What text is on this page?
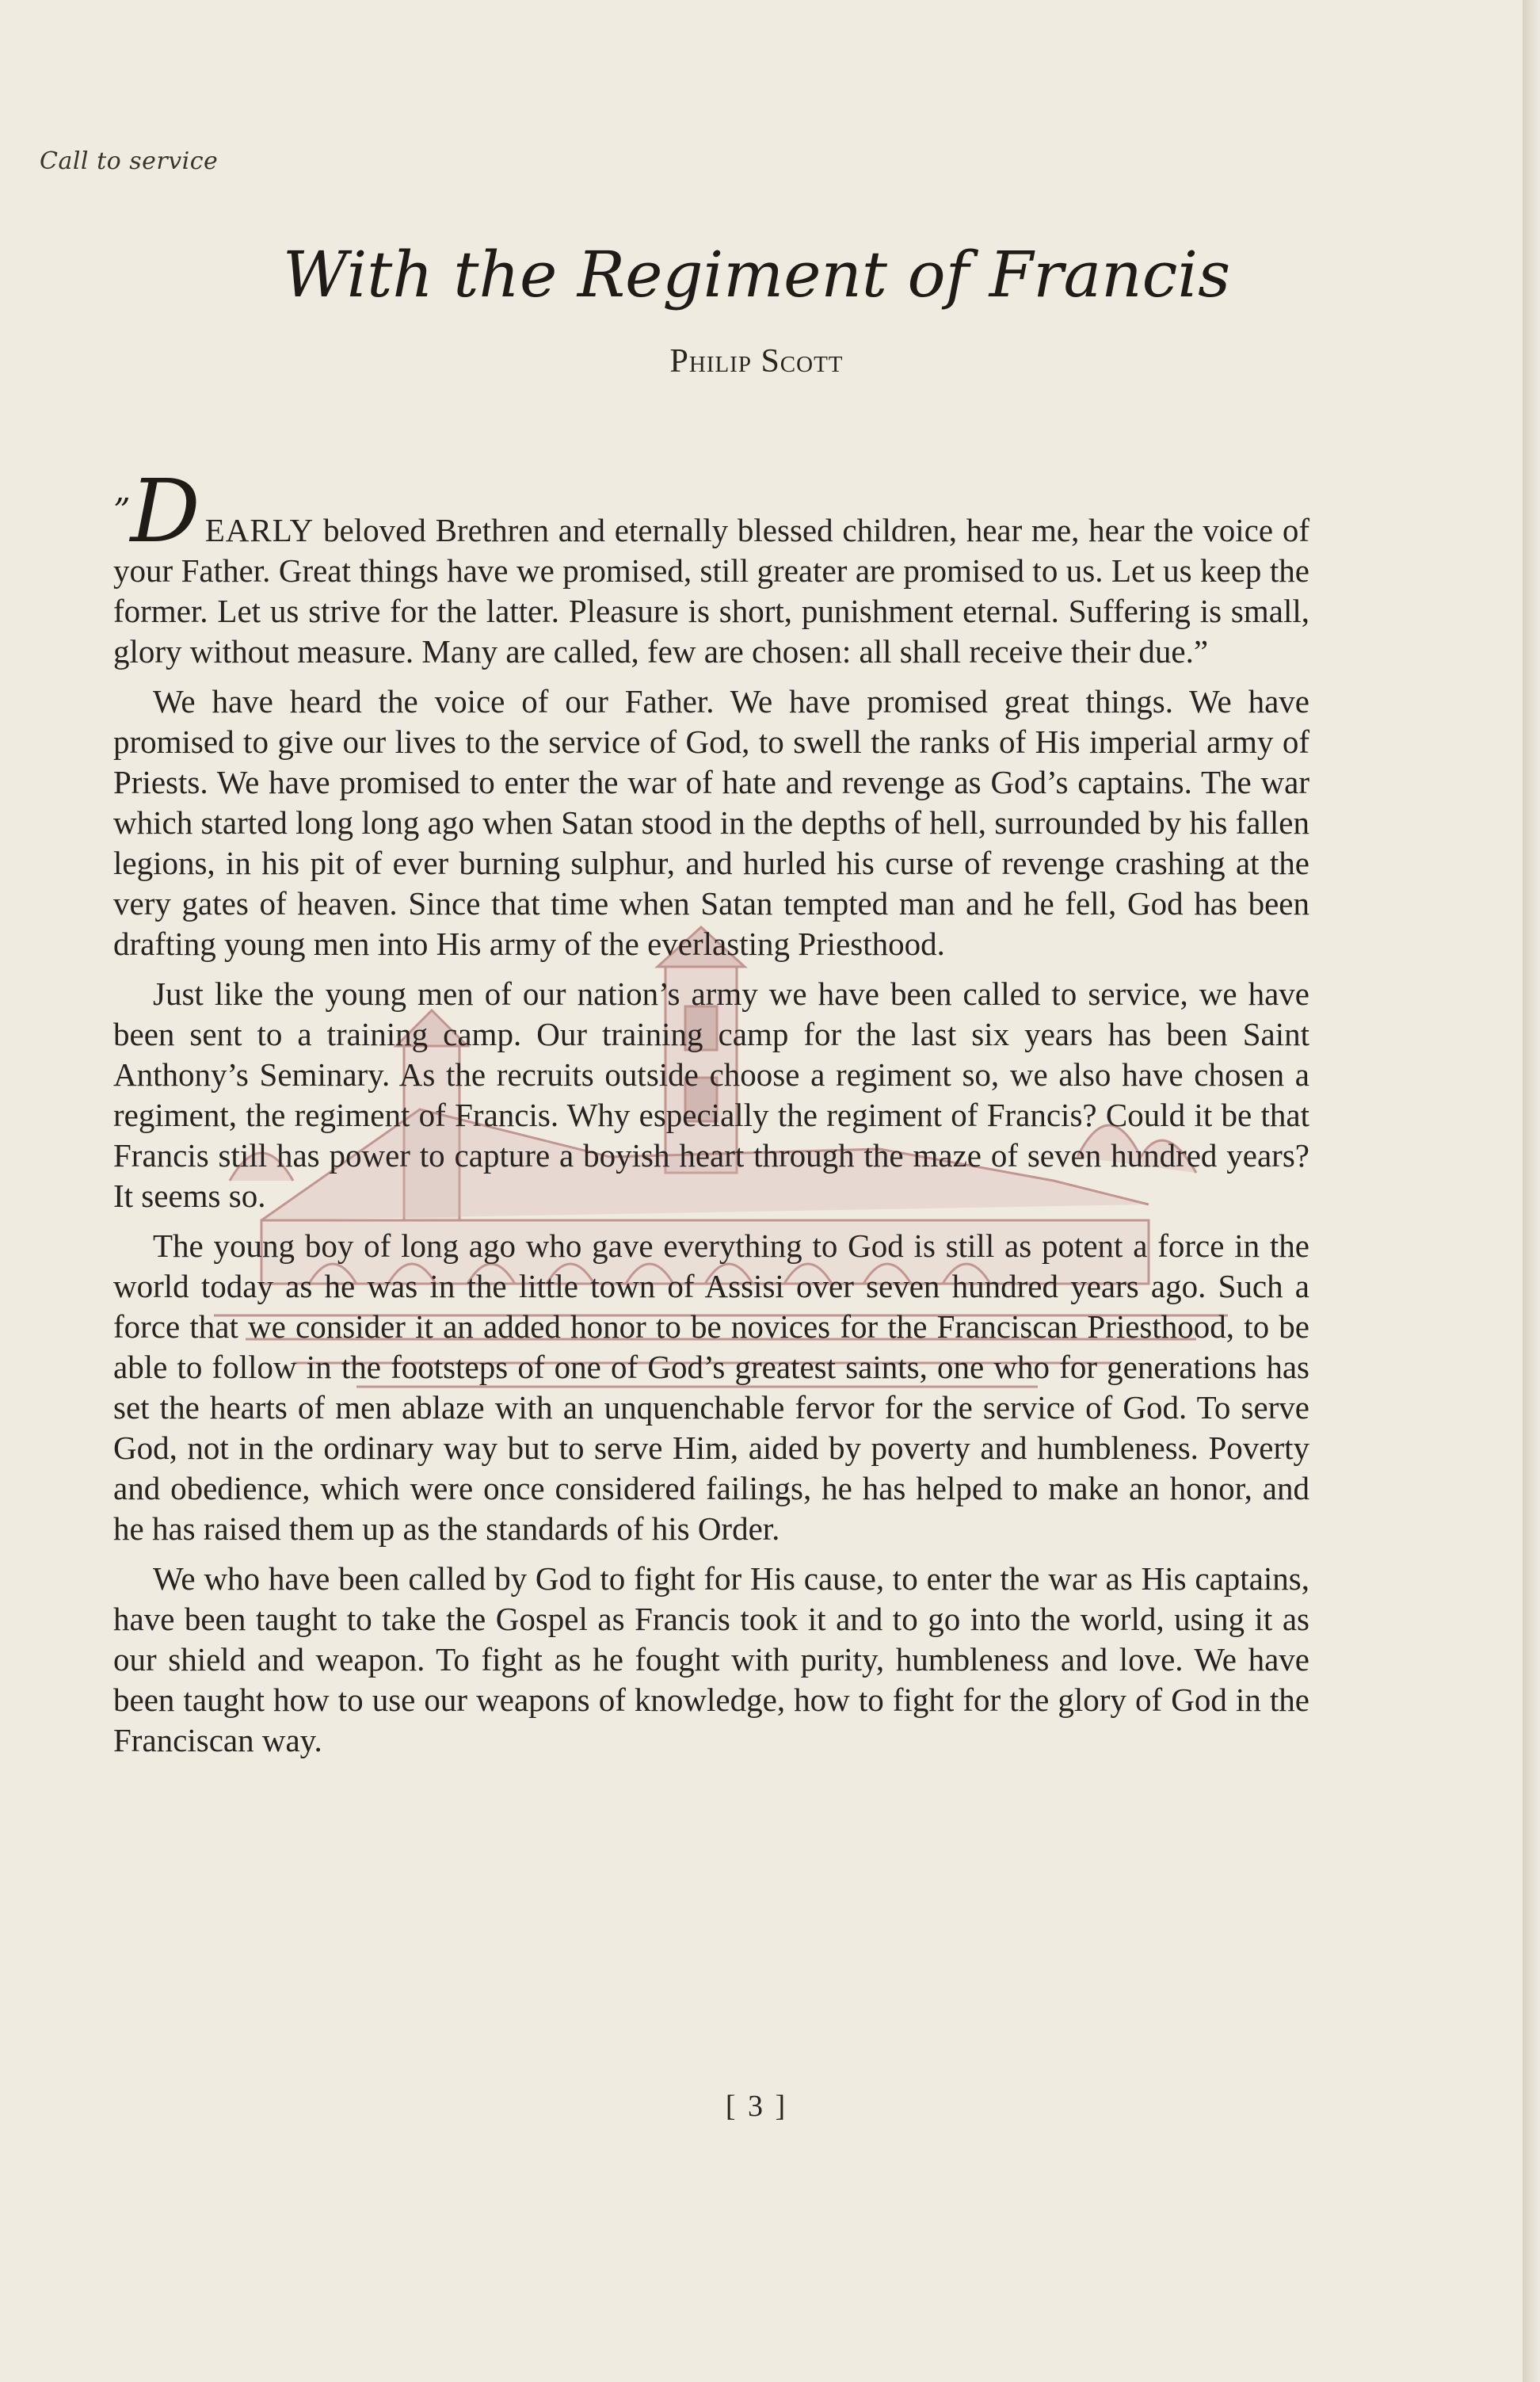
Call to service
With the Regiment of Francis
Philip Scott

”D EARLY beloved Brethren and eternally blessed children, hear me, hear the voice of your Father. Great things have we promised, still greater are promised to us. Let us keep the former. Let us strive for the latter. Pleasure is short, punishment eternal. Suffering is small, glory without measure. Many are called, few are chosen: all shall receive their due.”

We have heard the voice of our Father. We have promised great things. We have promised to give our lives to the service of God, to swell the ranks of His imperial army of Priests. We have promised to enter the war of hate and revenge as God’s captains. The war which started long long ago when Satan stood in the depths of hell, surrounded by his fallen legions, in his pit of ever burning sulphur, and hurled his curse of revenge crashing at the very gates of heaven. Since that time when Satan tempted man and he fell, God has been drafting young men into His army of the everlasting Priesthood.

Just like the young men of our nation’s army we have been called to service, we have been sent to a training camp. Our training camp for the last six years has been Saint Anthony’s Seminary. As the recruits outside choose a regiment so, we also have chosen a regiment, the regiment of Francis. Why especially the regiment of Francis? Could it be that Francis still has power to capture a boyish heart through the maze of seven hundred years? It seems so.

The young boy of long ago who gave everything to God is still as potent a force in the world today as he was in the little town of Assisi over seven hundred years ago. Such a force that we consider it an added honor to be novices for the Franciscan Priesthood, to be able to follow in the footsteps of one of God’s greatest saints, one who for generations has set the hearts of men ablaze with an unquenchable fervor for the service of God. To serve God, not in the ordinary way but to serve Him, aided by poverty and humbleness. Poverty and obedience, which were once considered failings, he has helped to make an honor, and he has raised them up as the standards of his Order.

We who have been called by God to fight for His cause, to enter the war as His captains, have been taught to take the Gospel as Francis took it and to go into the world, using it as our shield and weapon. To fight as he fought with purity, humbleness and love. We have been taught how to use our weapons of knowledge, how to fight for the glory of God in the Franciscan way.

[ 3 ]
